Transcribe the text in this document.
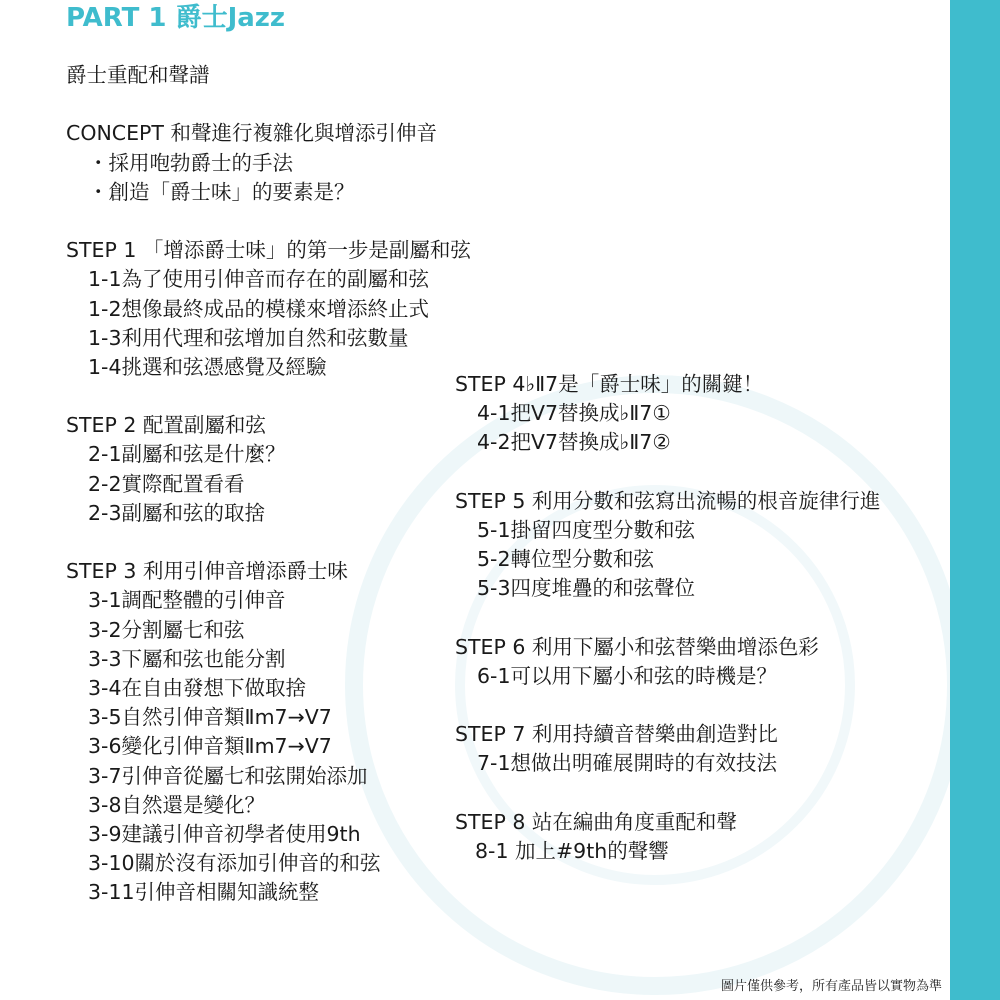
PART 1 爵士Jazz
爵士重配和聲譜
CONCEPT 和聲進行複雜化與增添引伸音
・採用咆勃爵士的手法
・創造「爵士味」的要素是？
STEP 1 「增添爵士味」的第一步是副屬和弦
1-1為了使用引伸音而存在的副屬和弦
1-2想像最終成品的模樣來增添終止式
1-3利用代理和弦增加自然和弦數量
1-4挑選和弦憑感覺及經驗
STEP 2 配置副屬和弦
2-1副屬和弦是什麼？
2-2實際配置看看
2-3副屬和弦的取捨
STEP 3 利用引伸音增添爵士味
3-1調配整體的引伸音
3-2分割屬七和弦
3-3下屬和弦也能分割
3-4在自由發想下做取捨
3-5自然引伸音類Ⅱm7→Ⅴ7
3-6變化引伸音類Ⅱm7→Ⅴ7
3-7引伸音從屬七和弦開始添加
3-8自然還是變化？
3-9建議引伸音初學者使用9th
3-10關於沒有添加引伸音的和弦
3-11引伸音相關知識統整
STEP 4♭Ⅱ7是「爵士味」的關鍵！
4-1把Ⅴ7替換成♭Ⅱ7①
4-2把Ⅴ7替換成♭Ⅱ7②
STEP 5 利用分數和弦寫出流暢的根音旋律行進
5-1掛留四度型分數和弦
5-2轉位型分數和弦
5-3四度堆疊的和弦聲位
STEP 6 利用下屬小和弦替樂曲增添色彩
6-1可以用下屬小和弦的時機是？
STEP 7 利用持續音替樂曲創造對比
7-1想做出明確展開時的有效技法
STEP 8 站在編曲角度重配和聲
8-1 加上#9th的聲響
圖片僅供參考，所有產品皆以實物為準
